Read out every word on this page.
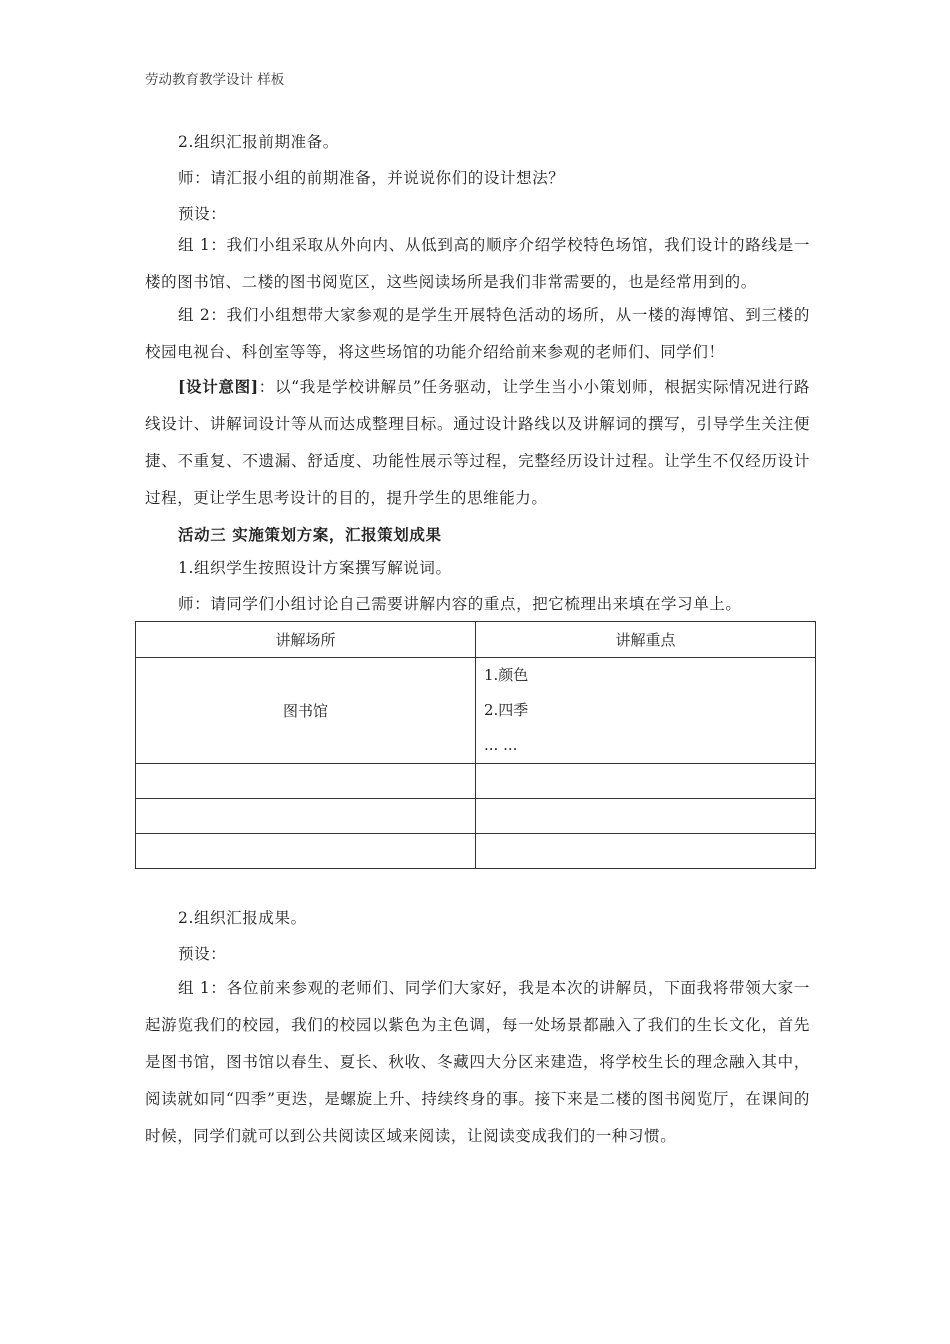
劳动教育教学设计 样板
2.组织汇报前期准备。
师：请汇报小组的前期准备，并说说你们的设计想法？
预设：
组 1：我们小组采取从外向内、从低到高的顺序介绍学校特色场馆，我们设计的路线是一楼的图书馆、二楼的图书阅览区，这些阅读场所是我们非常需要的，也是经常用到的。
组 2：我们小组想带大家参观的是学生开展特色活动的场所，从一楼的海博馆、到三楼的校园电视台、科创室等等，将这些场馆的功能介绍给前来参观的老师们、同学们！
[设计意图]：以“我是学校讲解员”任务驱动，让学生当小小策划师，根据实际情况进行路线设计、讲解词设计等从而达成整理目标。通过设计路线以及讲解词的撰写，引导学生关注便捷、不重复、不遗漏、舒适度、功能性展示等过程，完整经历设计过程。让学生不仅经历设计过程，更让学生思考设计的目的，提升学生的思维能力。
活动三 实施策划方案，汇报策划成果
1.组织学生按照设计方案撰写解说词。
师：请同学们小组讨论自己需要讲解内容的重点，把它梳理出来填在学习单上。
讲解场所	讲解重点
图书馆	1.颜色
2.四季
... ...

2.组织汇报成果。
预设：
组 1：各位前来参观的老师们、同学们大家好，我是本次的讲解员，下面我将带领大家一起游览我们的校园，我们的校园以紫色为主色调，每一处场景都融入了我们的生长文化，首先是图书馆，图书馆以春生、夏长、秋收、冬藏四大分区来建造，将学校生长的理念融入其中，阅读就如同“四季”更迭，是螺旋上升、持续终身的事。接下来是二楼的图书阅览厅，在课间的时候，同学们就可以到公共阅读区域来阅读，让阅读变成我们的一种习惯。
